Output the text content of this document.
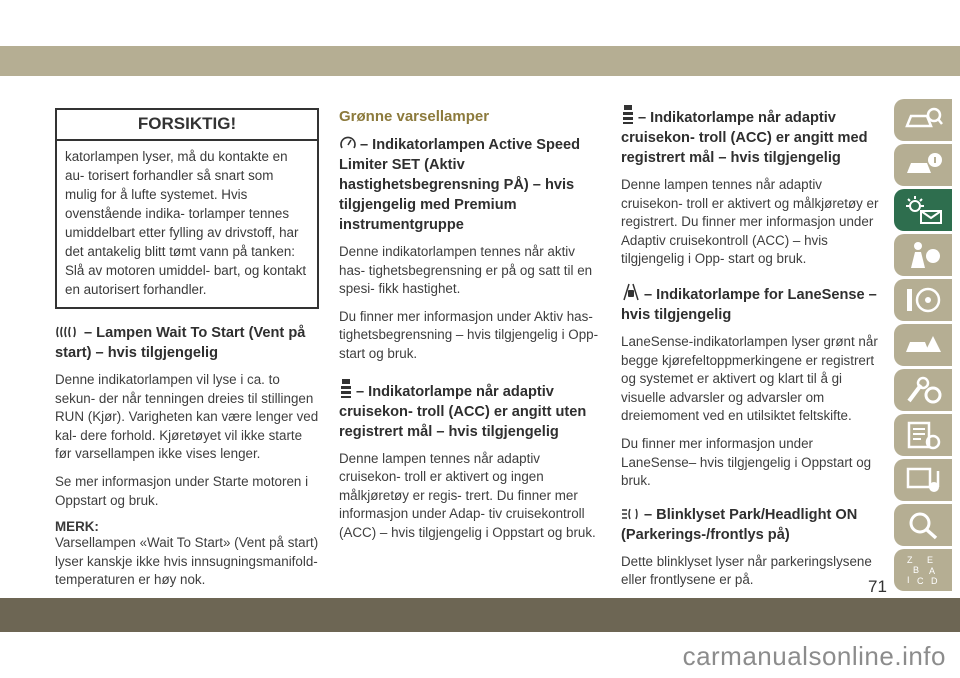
FORSIKTIG!
katorlampen lyser, må du kontakte en au- torisert forhandler så snart som mulig for å lufte systemet. Hvis ovenstående indika- torlamper tennes umiddelbart etter fylling av drivstoff, har det antakelig blitt tømt vann på tanken: Slå av motoren umiddel- bart, og kontakt en autorisert forhandler.
– Lampen Wait To Start (Vent på start) – hvis tilgjengelig

Denne indikatorlampen vil lyse i ca. to sekun- der når tenningen dreies til stillingen RUN (Kjør). Varigheten kan være lenger ved kal- dere forhold. Kjøretøyet vil ikke starte før varsellampen ikke vises lenger.

Se mer informasjon under Starte motoren i Oppstart og bruk.

MERK:

Varsellampen «Wait To Start» (Vent på start) lyser kanskje ikke hvis innsugningsmanifold- temperaturen er høy nok.

Grønne varsellamper
– Indikatorlampen Active Speed Limiter SET (Aktiv hastighetsbegrensning PÅ) – hvis tilgjengelig med Premium instrumentgruppe

Denne indikatorlampen tennes når aktiv has- tighetsbegrensning er på og satt til en spesi- fikk hastighet.

Du finner mer informasjon under Aktiv has- tighetsbegrensning – hvis tilgjengelig i Opp- start og bruk.

– Indikatorlampe når adaptiv cruisekon- troll (ACC) er angitt uten registrert mål – hvis tilgjengelig

Denne lampen tennes når adaptiv cruisekon- troll er aktivert og ingen målkjøretøy er regis- trert. Du finner mer informasjon under Adap- tiv cruisekontroll (ACC) – hvis tilgjengelig i Oppstart og bruk.

– Indikatorlampe når adaptiv cruisekon- troll (ACC) er angitt med registrert mål – hvis tilgjengelig

Denne lampen tennes når adaptiv cruisekon- troll er aktivert og målkjøretøy er registrert. Du finner mer informasjon under Adaptiv cruisekontroll (ACC) – hvis tilgjengelig i Opp- start og bruk.

– Indikatorlampe for LaneSense – hvis tilgjengelig

LaneSense-indikatorlampen lyser grønt når begge kjørefeltoppmerkingene er registrert og systemet er aktivert og klart til å gi visuelle advarsler og advarsler om dreiemoment ved en utilsiktet feltskifte.

Du finner mer informasjon under LaneSense– hvis tilgjengelig i Oppstart og bruk.

– Blinklyset Park/Headlight ON (Parkerings-/frontlys på)

Dette blinklyset lyser når parkeringslysene eller frontlysene er på.

Z E
B A
I C D
71
carmanualsonline.info
